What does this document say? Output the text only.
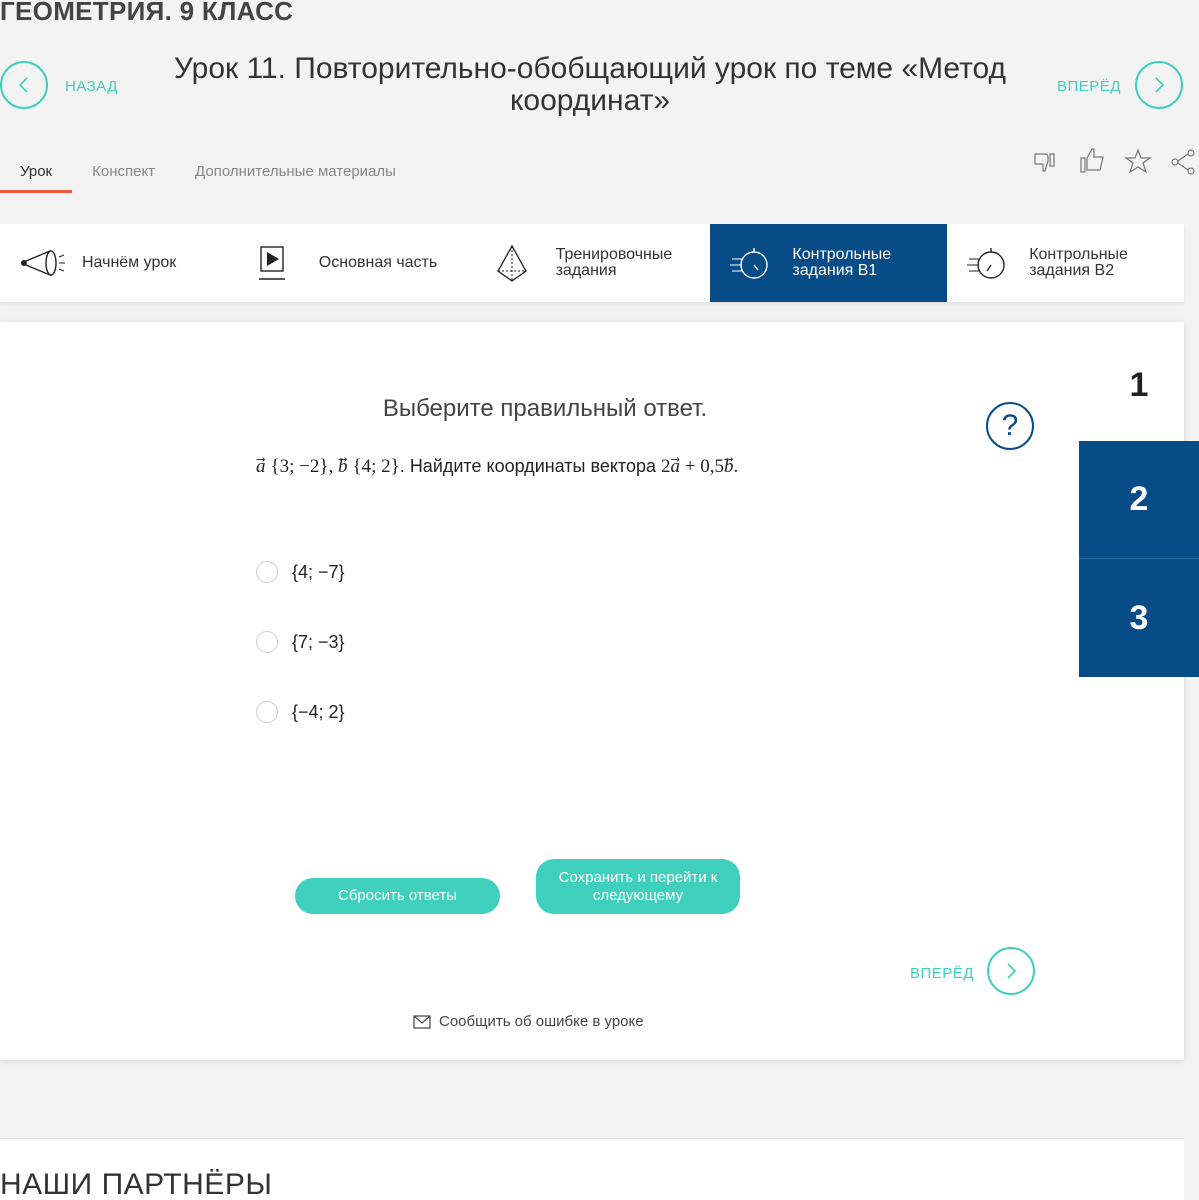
ГЕОМЕТРИЯ. 9 КЛАСС
НАЗАД
Урок 11. Повторительно-обобщающий урок по теме «Метод координат»	ВПЕРЁД
Урок	Конспект	Дополнительные материалы
Начнём урок	Основная часть	Тренировочные задания
Контрольные задания В1
Контрольные задания В2
1
2
3
?
Выберите правильный ответ.
a {3; −2}, b {4; 2}. Найдите координаты вектора 2a⃗ + 0,5b⃗.
{4; −7}
{7; −3}
{−4; 2}
Сбросить ответы
Сохранить и перейти к следующему
ВПЕРЁД
Сообщить об ошибке в уроке
НАШИ ПАРТНЁРЫ
